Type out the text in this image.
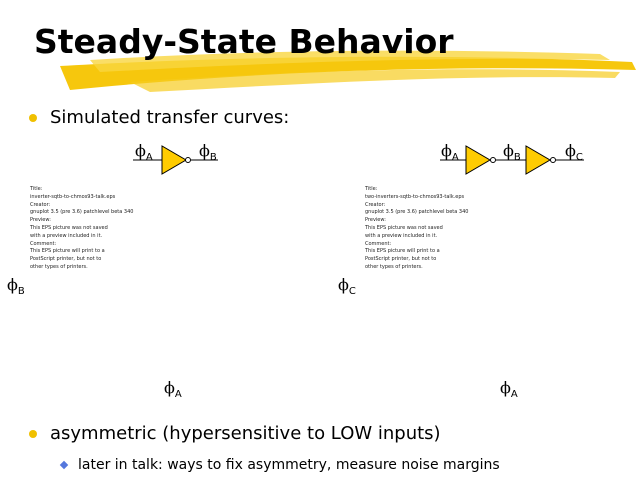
Steady-State Behavior
Simulated transfer curves:
$\phi_A$	$\phi_B$
Title:
inverter-sqtb-to-chmos93-talk.eps
Creator:
gnuplot 3.5 (pre 3.6) patchlevel beta 340
Preview:
This EPS picture was not saved
with a preview included in it.
Comment:
This EPS picture will print to a
PostScript printer, but not to
other types of printers.
$\phi_B$
$\phi_A$
$\phi_A$	$\phi_B$	$\phi_C$
Title:
two-inverters-sqtb-to-chmos93-talk.eps
Creator:
gnuplot 3.5 (pre 3.6) patchlevel beta 340
Preview:
This EPS picture was not saved
with a preview included in it.
Comment:
This EPS picture will print to a
PostScript printer, but not to
other types of printers.
$\phi_C$
$\phi_A$
asymmetric (hypersensitive to LOW inputs)
later in talk: ways to fix asymmetry, measure noise margins
